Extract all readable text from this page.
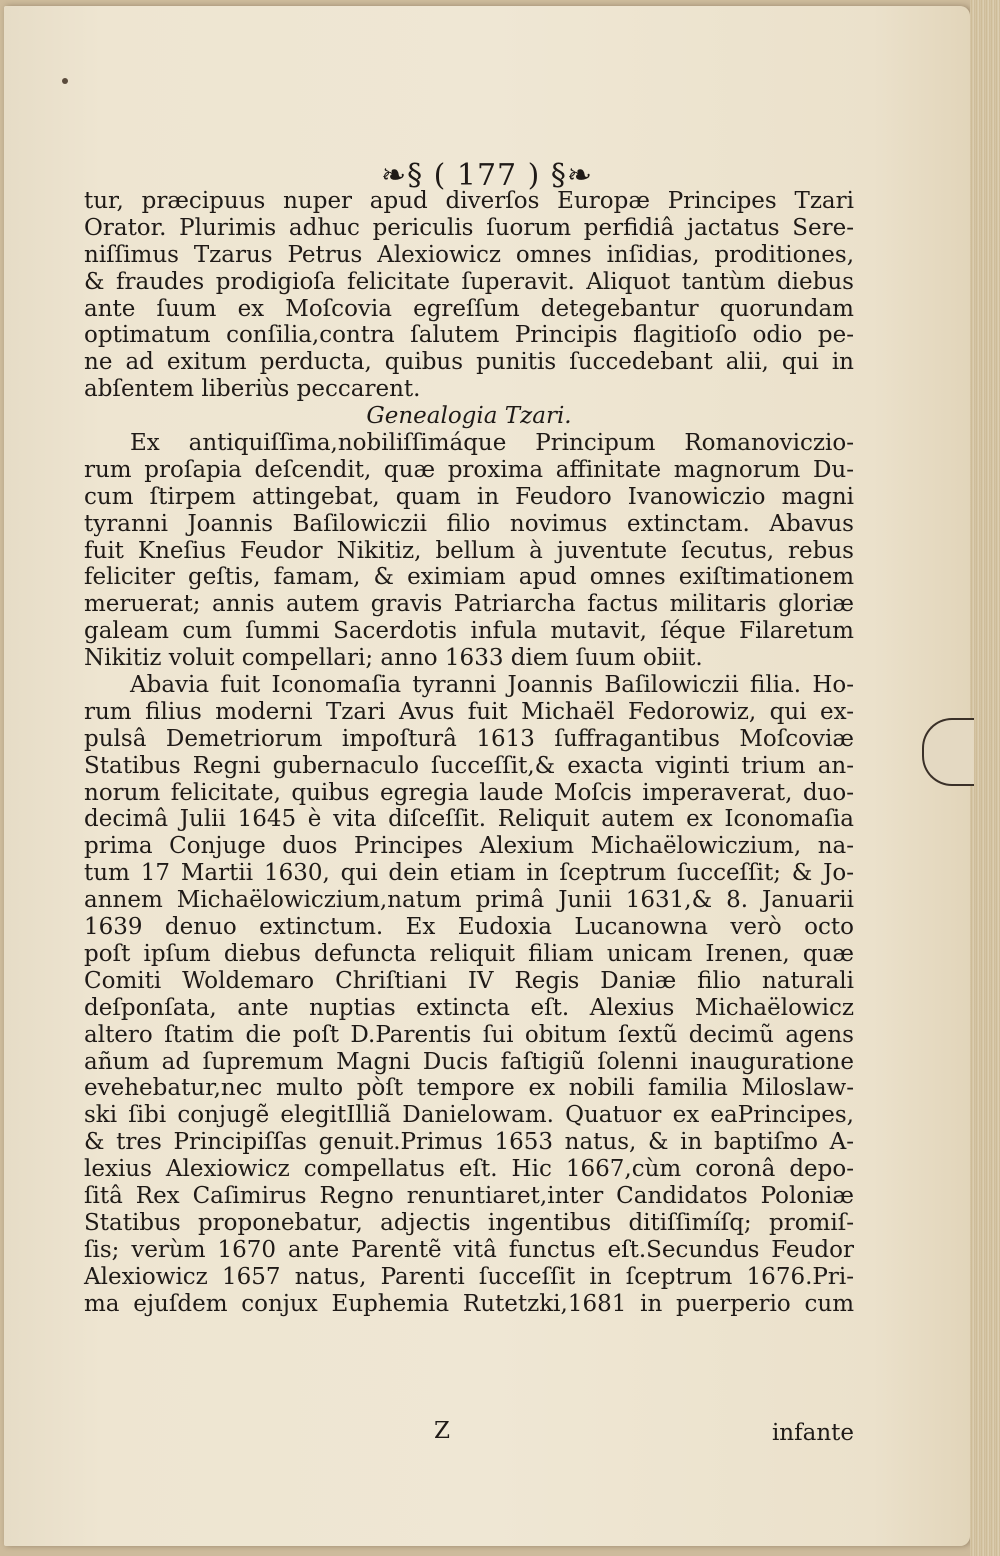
❧§ ( 177 ) §❧
tur, præcipuus nuper apud diverſos Europæ Principes Tzari
Orator. Plurimis adhuc periculis ſuorum perfidiâ jactatus Sere-
niſſimus Tzarus Petrus Alexiowicz omnes inſidias, proditiones,
& fraudes prodigioſa felicitate ſuperavit. Aliquot tantùm diebus
ante ſuum ex Moſcovia egreſſum detegebantur quorundam
optimatum conſilia,contra ſalutem Principis flagitioſo odio pe-
ne ad exitum perducta, quibus punitis ſuccedebant alii, qui in
abſentem liberiùs peccarent.
Genealogia Tzari.
Ex antiquiſſima,nobiliſſimáque Principum Romanoviczio-
rum proſapia deſcendit, quæ proxima affinitate magnorum Du-
cum ſtirpem attingebat, quam in Feudoro Ivanowiczio magni
tyranni Joannis Baſilowiczii filio novimus extinctam. Abavus
fuit Kneſius Feudor Nikitiz, bellum à juventute ſecutus, rebus
feliciter geſtis, famam, & eximiam apud omnes exiſtimationem
meruerat; annis autem gravis Patriarcha factus militaris gloriæ
galeam cum ſummi Sacerdotis infula mutavit, ſéque Filaretum
Nikitiz voluit compellari; anno 1633 diem ſuum obiit.
Abavia fuit Iconomaſia tyranni Joannis Baſilowiczii filia. Ho-
rum filius moderni Tzari Avus fuit Michaël Fedorowiz, qui ex-
pulsâ Demetriorum impoſturâ 1613 ſuffragantibus Moſcoviæ
Statibus Regni gubernaculo ſucceſſit,& exacta viginti trium an-
norum felicitate, quibus egregia laude Moſcis imperaverat, duo-
decimâ Julii 1645 è vita diſceſſit. Reliquit autem ex Iconomaſia
prima Conjuge duos Principes Alexium Michaëlowiczium, na-
tum 17 Martii 1630, qui dein etiam in ſceptrum ſucceſſit; & Jo-
annem Michaëlowiczium,natum primâ Junii 1631,& 8. Januarii
1639 denuo extinctum. Ex Eudoxia Lucanowna verò octo
poſt ipſum diebus defuncta reliquit filiam unicam Irenen, quæ
Comiti Woldemaro Chriſtiani IV Regis Daniæ filio naturali
deſponſata, ante nuptias extincta eſt. Alexius Michaëlowicz
altero ſtatim die poſt D.Parentis ſui obitum ſextũ decimũ agens
añum ad ſupremum Magni Ducis faſtigiũ ſolenni inauguratione
evehebatur,nec multo pòſt tempore ex nobili familia Miloslaw-
ski ſibi conjugẽ elegitIlliã Danielowam. Quatuor ex eaPrincipes,
& tres Principiſſas genuit.Primus 1653 natus, & in baptiſmo A-
lexius Alexiowicz compellatus eſt. Hic 1667,cùm coronâ depo-
ſitâ Rex Caſimirus Regno renuntiaret,inter Candidatos Poloniæ
Statibus proponebatur, adjectis ingentibus ditiſſimíſq; promiſ-
ſis; verùm 1670 ante Parentẽ vitâ functus eſt.Secundus Feudor
Alexiowicz 1657 natus, Parenti ſucceſſit in ſceptrum 1676.Pri-
ma ejuſdem conjux Euphemia Rutetzki,1681 in puerperio cum
Z	infante
